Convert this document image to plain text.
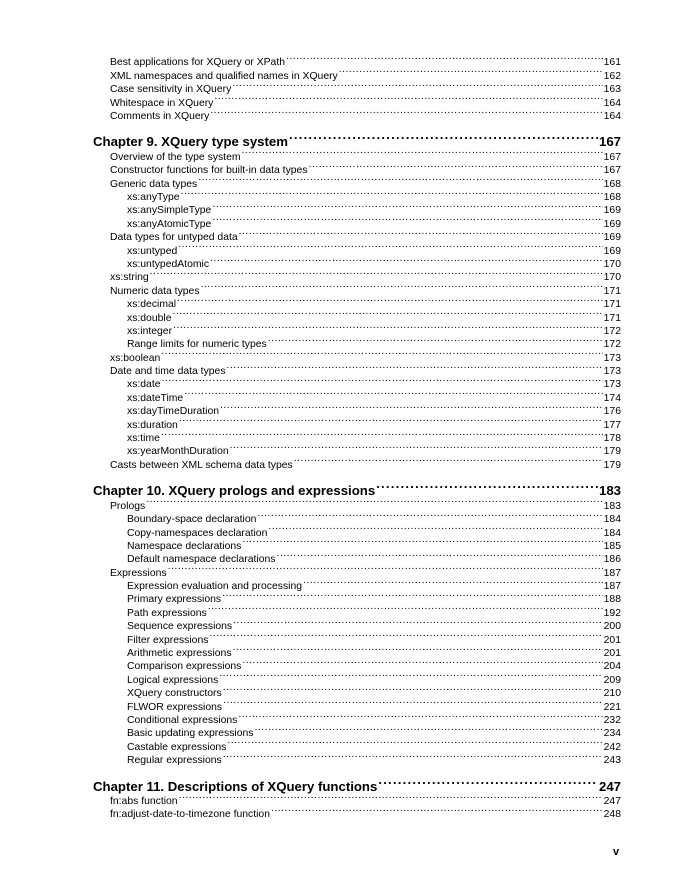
Best applications for XQuery or XPath .....	161
XML namespaces and qualified names in XQuery .....	162
Case sensitivity in XQuery .....	163
Whitespace in XQuery .....	164
Comments in XQuery .....	164
Chapter 9. XQuery type system .....	167
Overview of the type system .....	167
Constructor functions for built-in data types .....	167
Generic data types .....	168
xs:anyType .....	168
xs:anySimpleType .....	169
xs:anyAtomicType .....	169
Data types for untyped data .....	169
xs:untyped .....	169
xs:untypedAtomic .....	170
xs:string .....	170
Numeric data types .....	171
xs:decimal .....	171
xs:double .....	171
xs:integer .....	172
Range limits for numeric types .....	172
xs:boolean .....	173
Date and time data types .....	173
xs:date .....	173
xs:dateTime .....	174
xs:dayTimeDuration .....	176
xs:duration .....	177
xs:time .....	178
xs:yearMonthDuration .....	179
Casts between XML schema data types .....	179
Chapter 10. XQuery prologs and expressions .....	183
Prologs .....	183
Boundary-space declaration .....	184
Copy-namespaces declaration .....	184
Namespace declarations .....	185
Default namespace declarations .....	186
Expressions .....	187
Expression evaluation and processing .....	187
Primary expressions .....	188
Path expressions .....	192
Sequence expressions .....	200
Filter expressions .....	201
Arithmetic expressions .....	201
Comparison expressions .....	204
Logical expressions .....	209
XQuery constructors .....	210
FLWOR expressions .....	221
Conditional expressions .....	232
Basic updating expressions .....	234
Castable expressions .....	242
Regular expressions .....	243
Chapter 11. Descriptions of XQuery functions .....	247
fn:abs function .....	247
fn:adjust-date-to-timezone function .....	248
v
